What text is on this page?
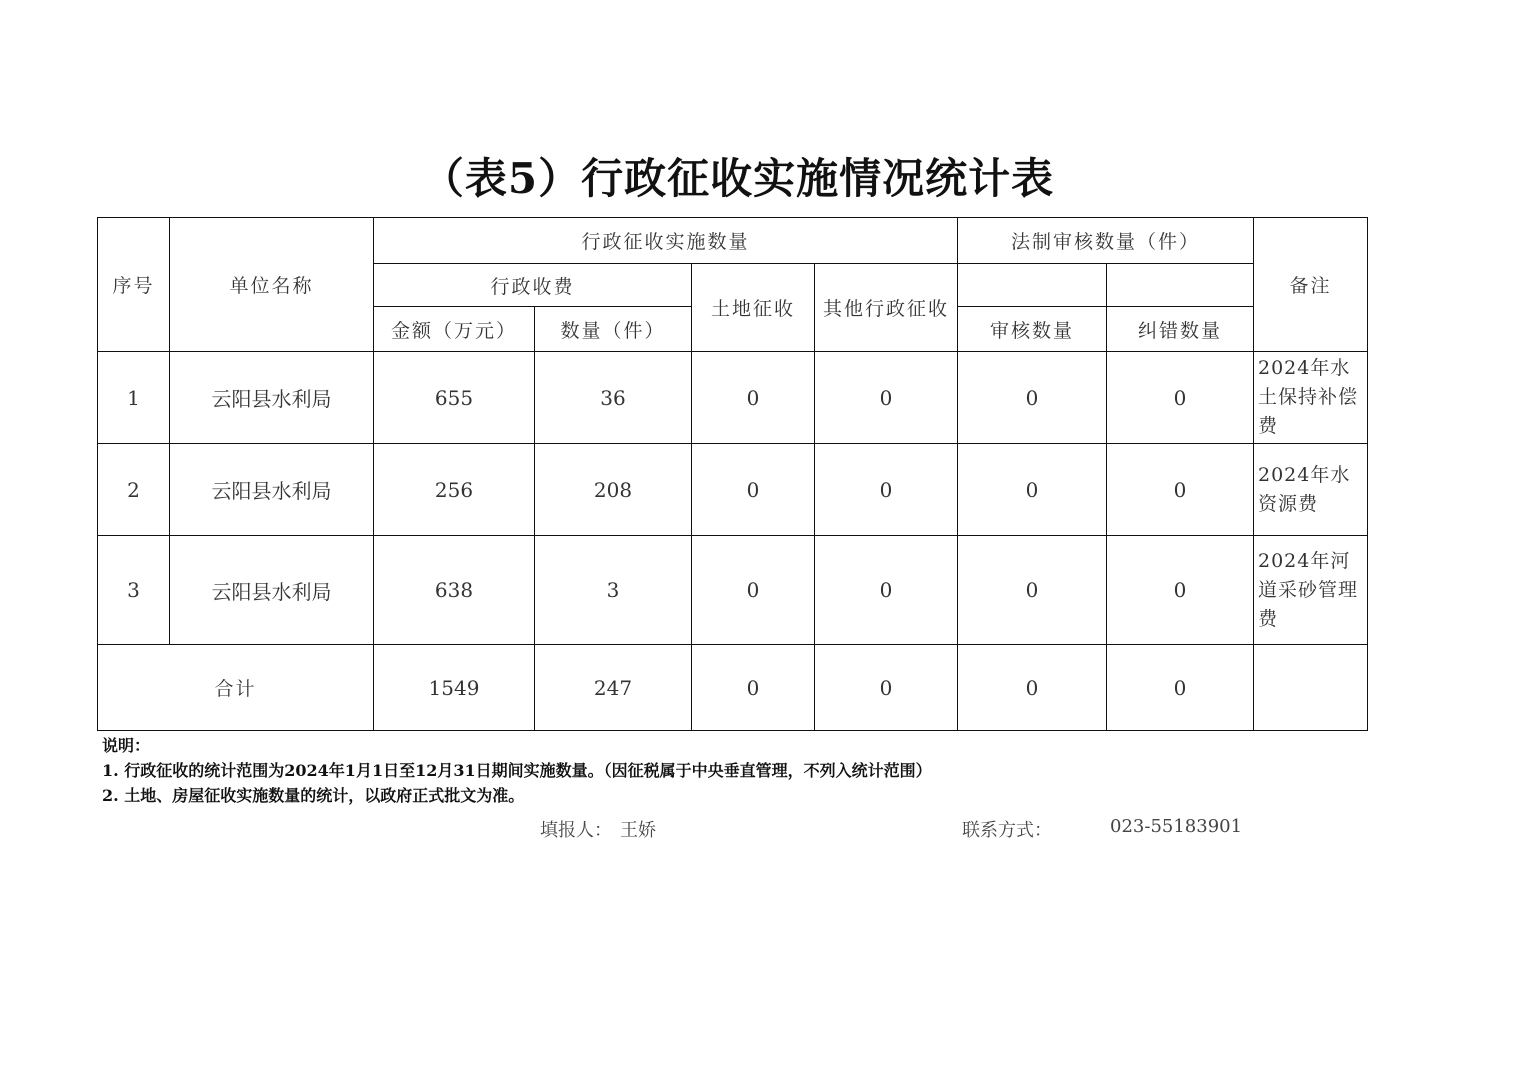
（表5）行政征收实施情况统计表
序号	单位名称	行政征收实施数量				法制审核数量（件）		备注
		行政收费		土地征收	其他行政征收			
		金额（万元）	数量（件）			审核数量	纠错数量	
1	云阳县水利局	655	36	0	0	0	0	2024年水土保持补偿费
2	云阳县水利局	256	208	0	0	0	0	2024年水资源费
3	云阳县水利局	638	3	0	0	0	0	2024年河道采砂管理费
合计		1549	247	0	0	0	0	
说明：
1. 行政征收的统计范围为2024年1月1日至12月31日期间实施数量。（因征税属于中央垂直管理，不列入统计范围）
2. 土地、房屋征收实施数量的统计，以政府正式批文为准。
填报人： 王娇	联系方式：	023-55183901
